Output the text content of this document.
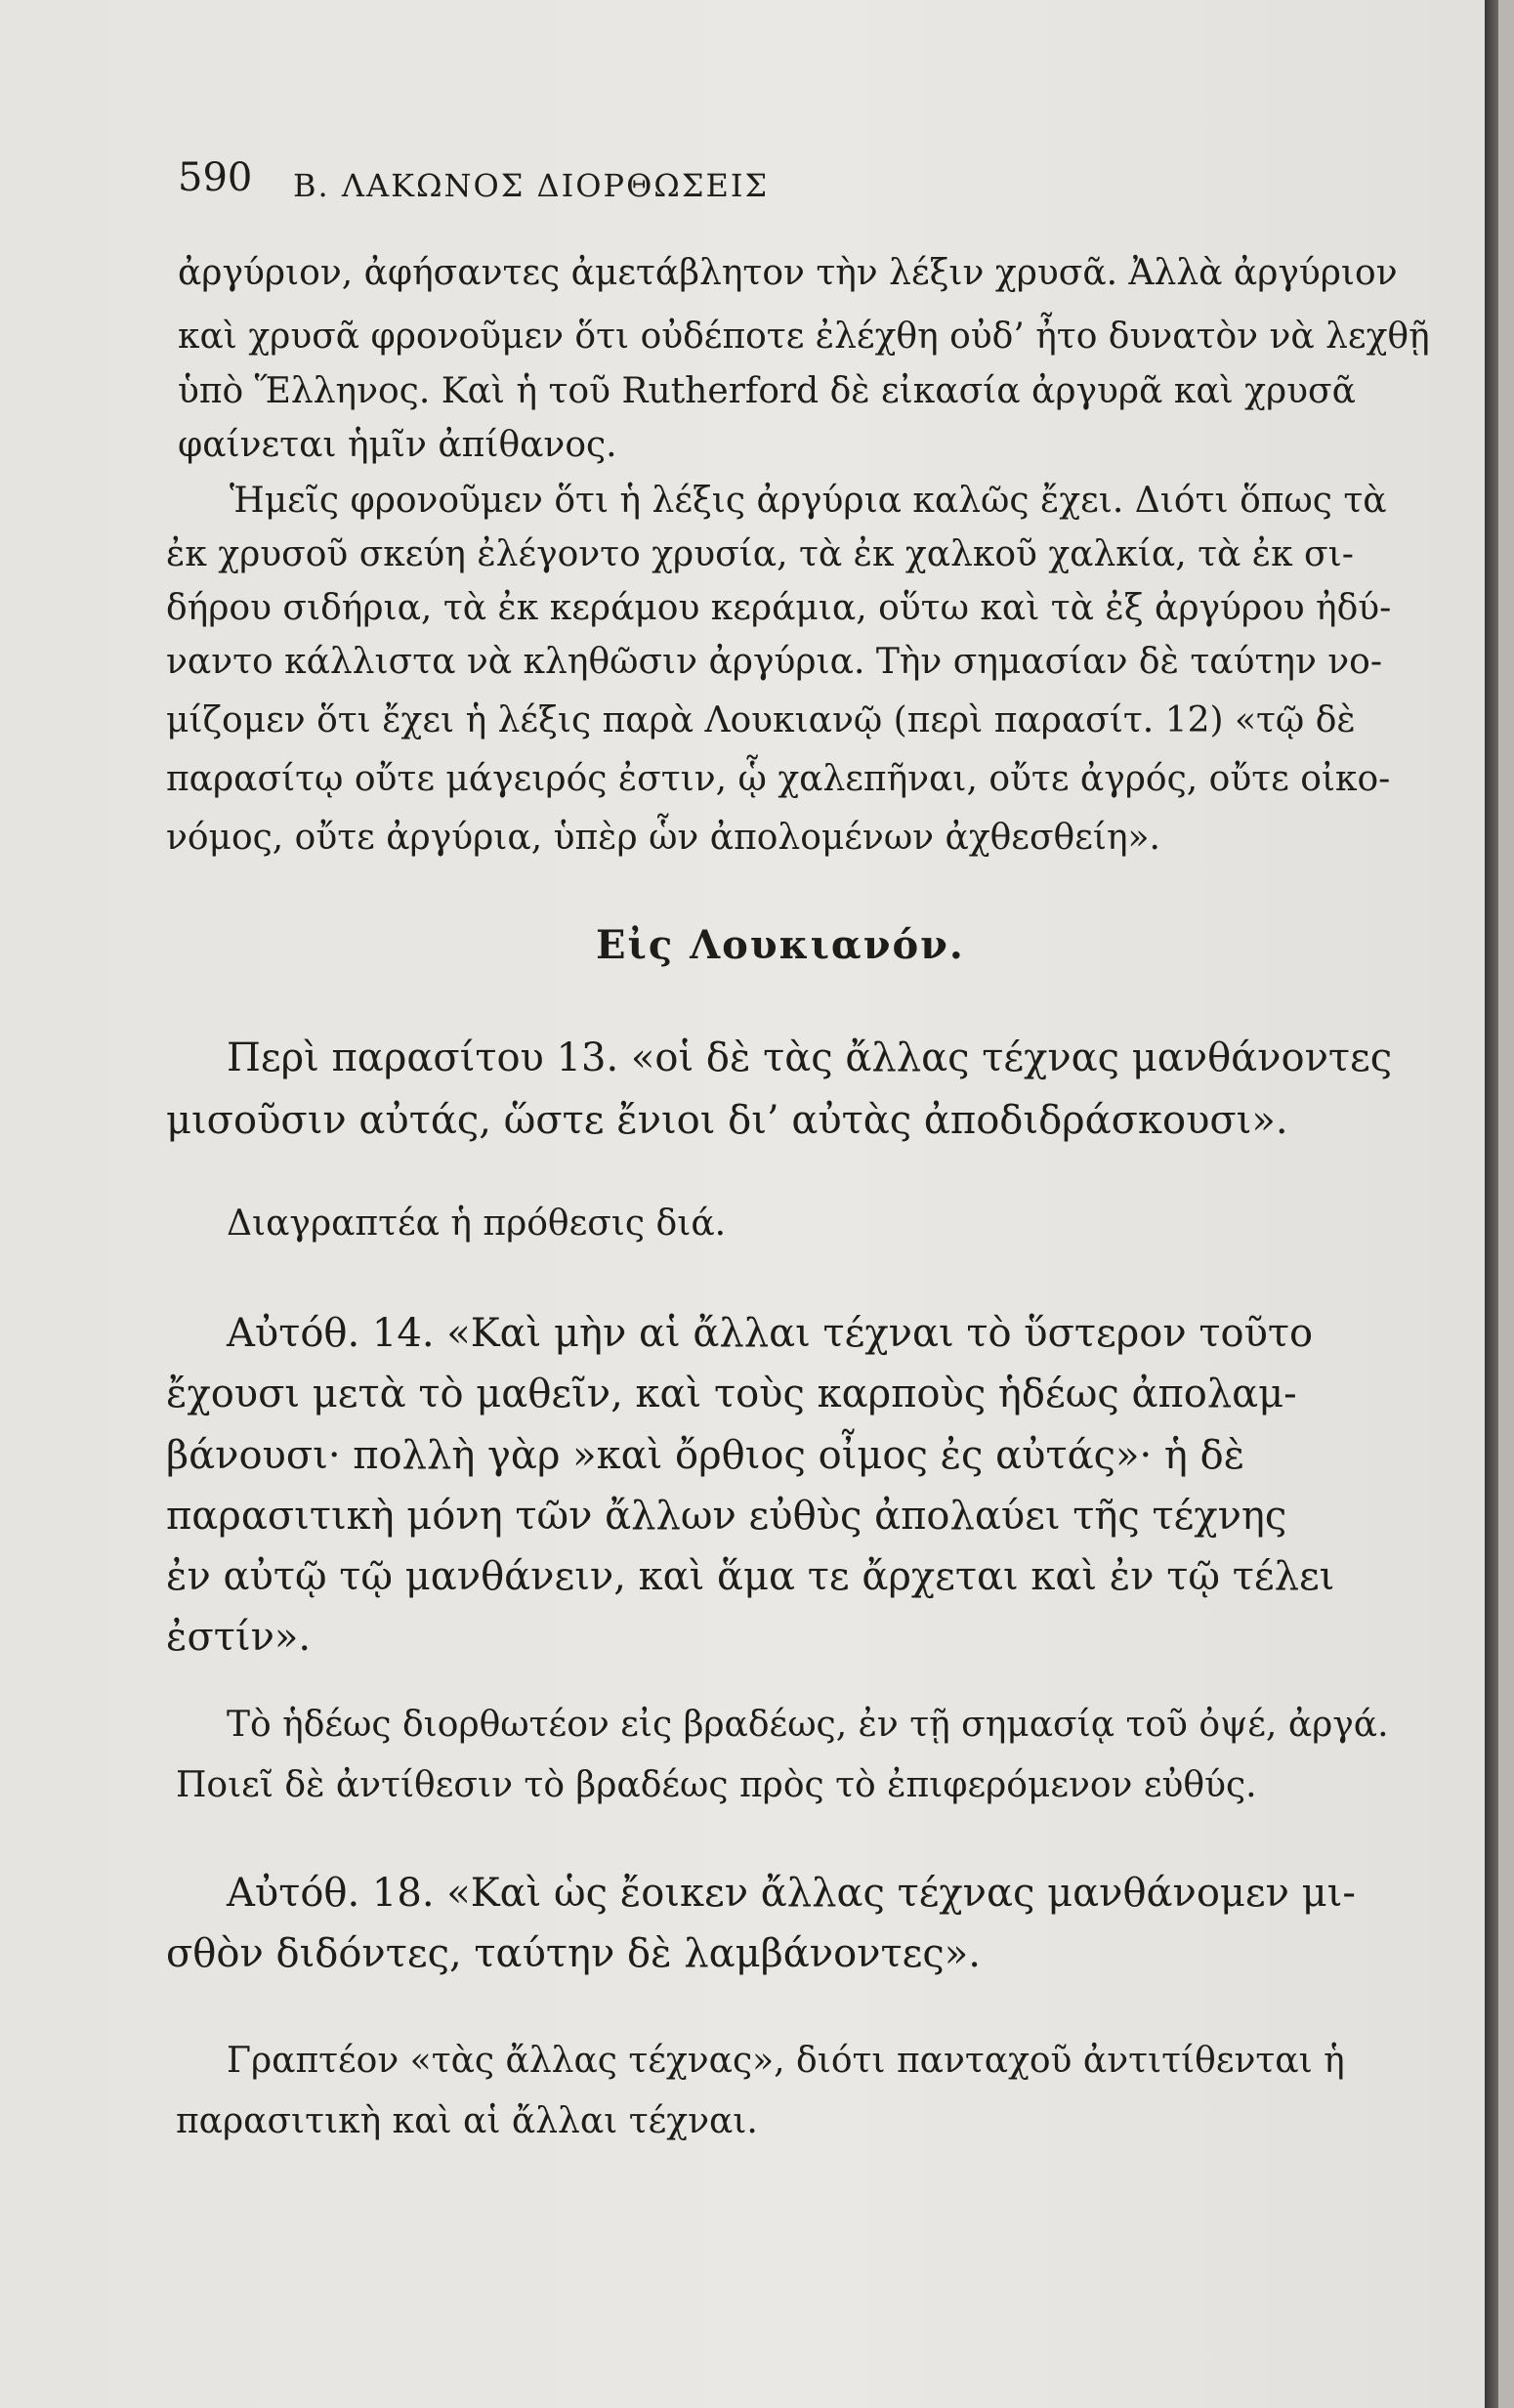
590 Β. ΛΑΚΩΝΟΣ ΔΙΟΡΘΩΣΕΙΣ
ἀργύριον, ἀφήσαντες ἀμετάβλητον τὴν λέξιν χρυσᾶ. Ἀλλὰ ἀργύριον
καὶ χρυσᾶ φρονοῦμεν ὅτι οὐδέποτε ἐλέχθη οὐδ’ ἦτο δυνατὸν νὰ λεχθῇ
ὑπὸ Ἕλληνος. Καὶ ἡ τοῦ Rutherford δὲ εἰκασία ἀργυρᾶ καὶ χρυσᾶ
φαίνεται ἡμῖν ἀπίθανος.
Ἡμεῖς φρονοῦμεν ὅτι ἡ λέξις ἀργύρια καλῶς ἔχει. Διότι ὅπως τὰ
ἐκ χρυσοῦ σκεύη ἐλέγοντο χρυσία, τὰ ἐκ χαλκοῦ χαλκία, τὰ ἐκ σι-
δήρου σιδήρια, τὰ ἐκ κεράμου κεράμια, οὕτω καὶ τὰ ἐξ ἀργύρου ἠδύ-
ναντο κάλλιστα νὰ κληθῶσιν ἀργύρια. Τὴν σημασίαν δὲ ταύτην νο-
μίζομεν ὅτι ἔχει ἡ λέξις παρὰ Λουκιανῷ (περὶ παρασίτ. 12) «τῷ δὲ
παρασίτῳ οὔτε μάγειρός ἐστιν, ᾧ χαλεπῆναι, οὔτε ἀγρός, οὔτε οἰκο-
νόμος, οὔτε ἀργύρια, ὑπὲρ ὧν ἀπολομένων ἀχθεσθείη».
Εἰς Λουκιανόν.
Περὶ παρασίτου 13. «οἱ δὲ τὰς ἄλλας τέχνας μανθάνοντες
μισοῦσιν αὐτάς, ὥστε ἔνιοι δι’ αὐτὰς ἀποδιδράσκουσι».
Διαγραπτέα ἡ πρόθεσις διά.
Αὐτόθ. 14. «Καὶ μὴν αἱ ἄλλαι τέχναι τὸ ὕστερον τοῦτο
ἔχουσι μετὰ τὸ μαθεῖν, καὶ τοὺς καρποὺς ἡδέως ἀπολαμ-
βάνουσι· πολλὴ γὰρ »καὶ ὄρθιος οἶμος ἐς αὐτάς»· ἡ δὲ
παρασιτικὴ μόνη τῶν ἄλλων εὐθὺς ἀπολαύει τῆς τέχνης
ἐν αὐτῷ τῷ μανθάνειν, καὶ ἅμα τε ἄρχεται καὶ ἐν τῷ τέλει
ἐστίν».
Τὸ ἡδέως διορθωτέον εἰς βραδέως, ἐν τῇ σημασίᾳ τοῦ ὀψέ, ἀργά.
Ποιεῖ δὲ ἀντίθεσιν τὸ βραδέως πρὸς τὸ ἐπιφερόμενον εὐθύς.
Αὐτόθ. 18. «Καὶ ὡς ἔοικεν ἄλλας τέχνας μανθάνομεν μι-
σθὸν διδόντες, ταύτην δὲ λαμβάνοντες».
Γραπτέον «τὰς ἄλλας τέχνας», διότι πανταχοῦ ἀντιτίθενται ἡ
παρασιτικὴ καὶ αἱ ἄλλαι τέχναι.
